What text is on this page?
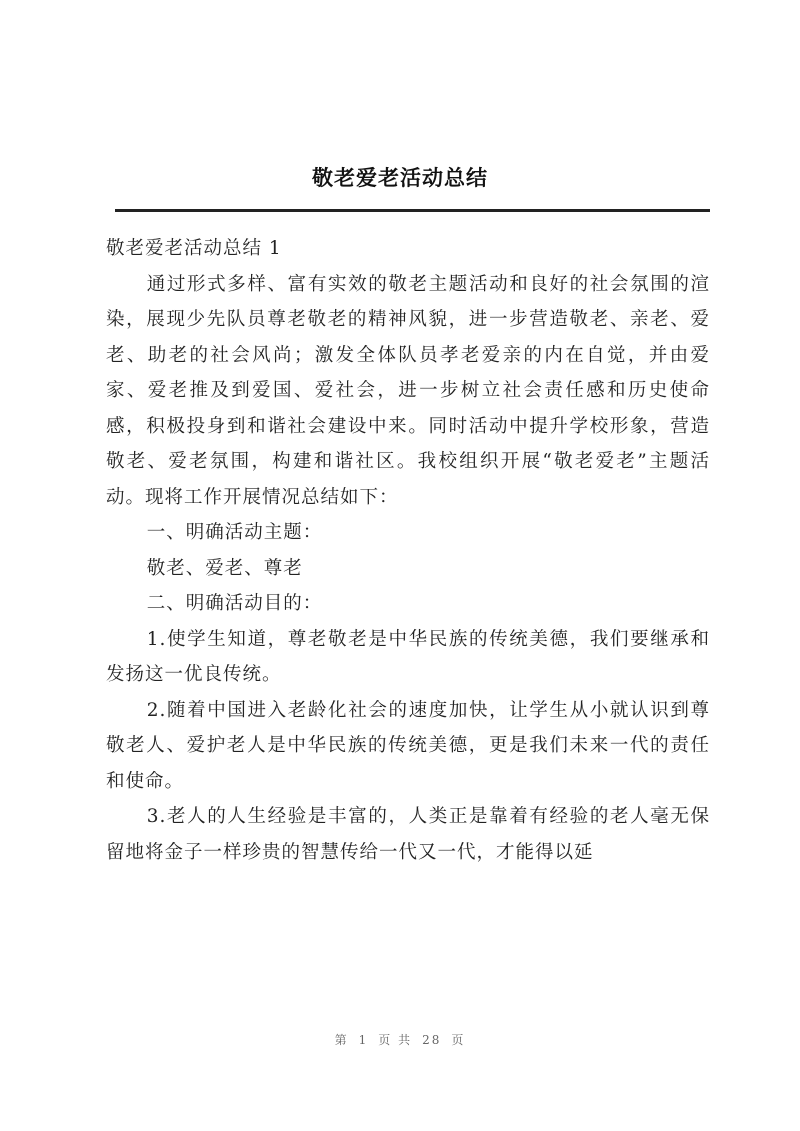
敬老爱老活动总结

敬老爱老活动总结 1

通过形式多样、富有实效的敬老主题活动和良好的社会氛围的渲染，展现少先队员尊老敬老的精神风貌，进一步营造敬老、亲老、爱老、助老的社会风尚；激发全体队员孝老爱亲的内在自觉，并由爱家、爱老推及到爱国、爱社会，进一步树立社会责任感和历史使命感，积极投身到和谐社会建设中来。同时活动中提升学校形象，营造敬老、爱老氛围，构建和谐社区。我校组织开展“敬老爱老”主题活动。现将工作开展情况总结如下：

一、明确活动主题：

敬老、爱老、尊老

二、明确活动目的：

1.使学生知道，尊老敬老是中华民族的传统美德，我们要继承和发扬这一优良传统。

2.随着中国进入老龄化社会的速度加快，让学生从小就认识到尊敬老人、爱护老人是中华民族的传统美德，更是我们未来一代的责任和使命。

3.老人的人生经验是丰富的，人类正是靠着有经验的老人毫无保留地将金子一样珍贵的智慧传给一代又一代，才能得以延

第 1 页 共 28 页
